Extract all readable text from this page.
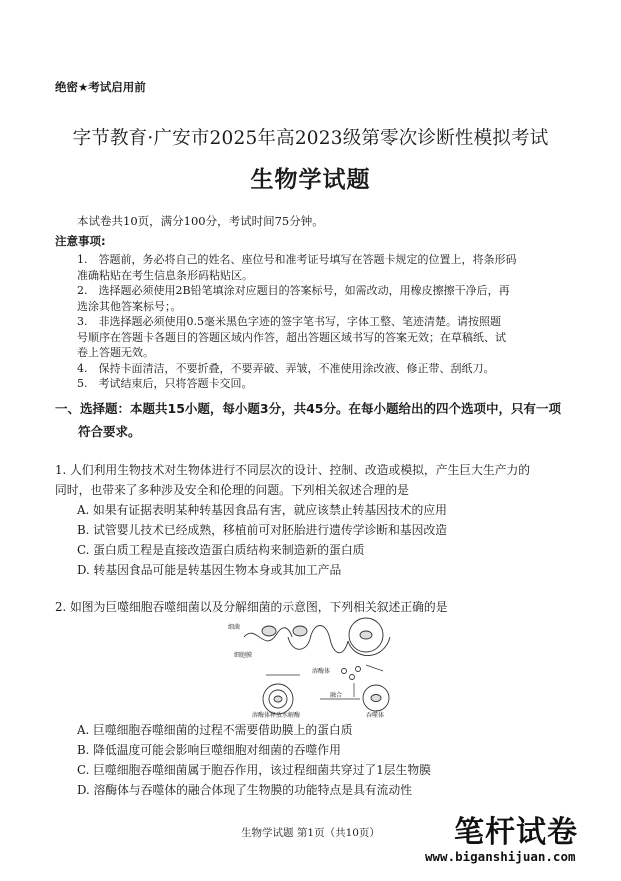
绝密★考试启用前
字节教育·广安市2025年高2023级第零次诊断性模拟考试
生物学试题
本试卷共10页，满分100分，考试时间75分钟。
注意事项:
1.　答题前，务必将自己的姓名、座位号和准考证号填写在答题卡规定的位置上，将条形码
准确粘贴在考生信息条形码粘贴区。
2.　选择题必须使用2B铅笔填涂对应题目的答案标号，如需改动，用橡皮擦擦干净后，再
选涂其他答案标号；。
3.　非选择题必须使用0.5毫米黑色字迹的签字笔书写，字体工整、笔迹清楚。请按照题
号顺序在答题卡各题目的答题区域内作答，超出答题区域书写的答案无效；在草稿纸、试
卷上答题无效。
4.　保持卡面清洁，不要折叠，不要弄破、弄皱，不准使用涂改液、修正带、刮纸刀。
5.　考试结束后，只将答题卡交回。
一、选择题：本题共15小题，每小题3分，共45分。在每小题给出的四个选项中，只有一项
符合要求。
1. 人们利用生物技术对生物体进行不同层次的设计、控制、改造或模拟，产生巨大生产力的
同时，也带来了多种涉及安全和伦理的问题。下列相关叙述合理的是
A. 如果有证据表明某种转基因食品有害，就应该禁止转基因技术的应用
B. 试管婴儿技术已经成熟，移植前可对胚胎进行遗传学诊断和基因改造
C. 蛋白质工程是直接改造蛋白质结构来制造新的蛋白质
D. 转基因食品可能是转基因生物本身或其加工产品
2. 如图为巨噬细胞吞噬细菌以及分解细菌的示意图，下列相关叙述正确的是
细菌
细胞膜
溶酶体
融合
吞噬体
溶酶体释放水解酶
A. 巨噬细胞吞噬细菌的过程不需要借助膜上的蛋白质
B. 降低温度可能会影响巨噬细胞对细菌的吞噬作用
C. 巨噬细胞吞噬细菌属于胞吞作用，该过程细菌共穿过了1层生物膜
D. 溶酶体与吞噬体的融合体现了生物膜的功能特点是具有流动性
生物学试题 第1页（共10页）	笔杆试卷
www.biganshijuan.com
